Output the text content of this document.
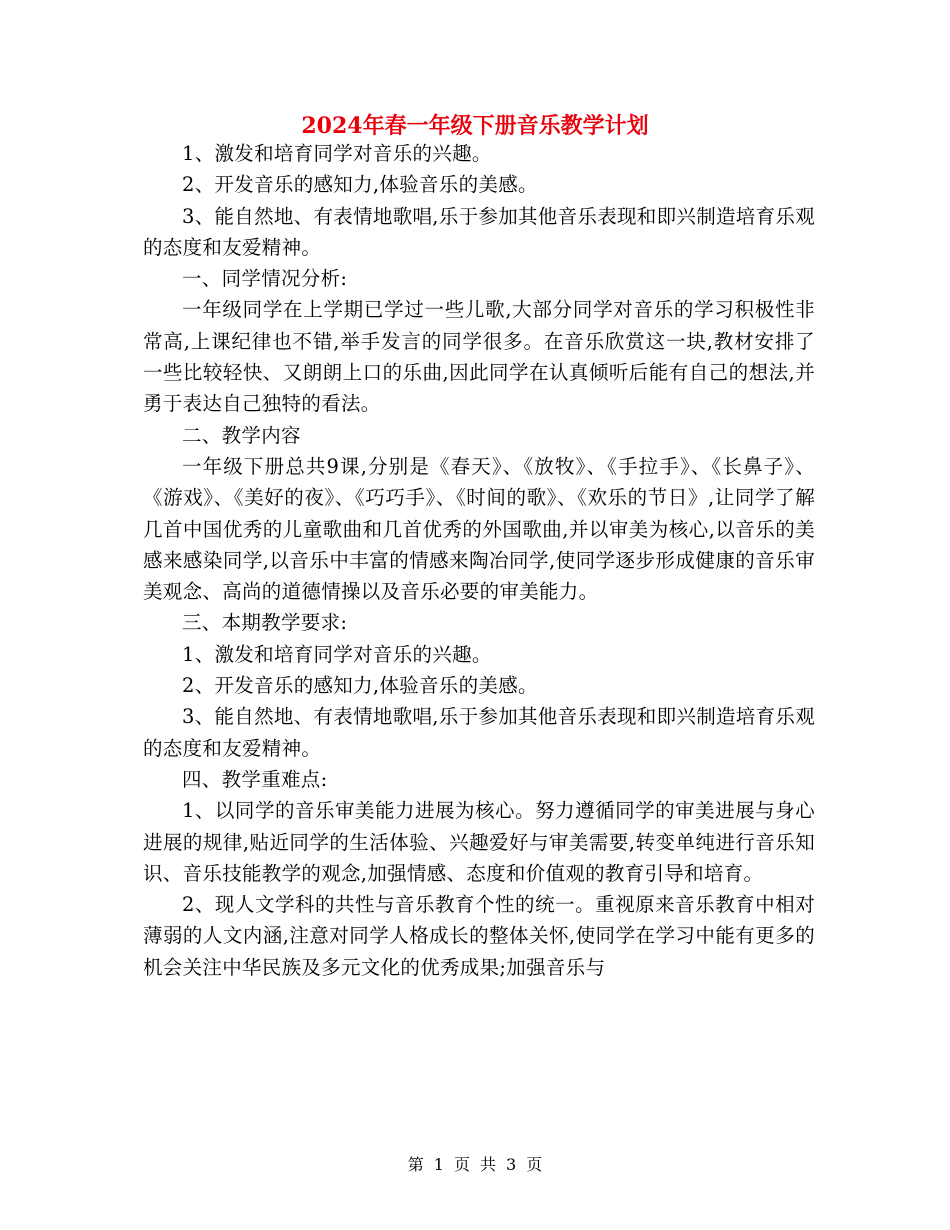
2024年春一年级下册音乐教学计划

1、激发和培育同学对音乐的兴趣。

2、开发音乐的感知力,体验音乐的美感。

3、能自然地、有表情地歌唱,乐于参加其他音乐表现和即兴制造培育乐观的态度和友爱精神。

一、同学情况分析:

一年级同学在上学期已学过一些儿歌,大部分同学对音乐的学习积极性非常高,上课纪律也不错,举手发言的同学很多。在音乐欣赏这一块,教材安排了一些比较轻快、又朗朗上口的乐曲,因此同学在认真倾听后能有自己的想法,并勇于表达自己独特的看法。

二、教学内容

一年级下册总共9课,分别是《春天》、《放牧》、《手拉手》、《长鼻子》、《游戏》、《美好的夜》、《巧巧手》、《时间的歌》、《欢乐的节日》,让同学了解几首中国优秀的儿童歌曲和几首优秀的外国歌曲,并以审美为核心,以音乐的美感来感染同学,以音乐中丰富的情感来陶冶同学,使同学逐步形成健康的音乐审美观念、高尚的道德情操以及音乐必要的审美能力。

三、本期教学要求:

1、激发和培育同学对音乐的兴趣。

2、开发音乐的感知力,体验音乐的美感。

3、能自然地、有表情地歌唱,乐于参加其他音乐表现和即兴制造培育乐观的态度和友爱精神。

四、教学重难点:

1、以同学的音乐审美能力进展为核心。努力遵循同学的审美进展与身心进展的规律,贴近同学的生活体验、兴趣爱好与审美需要,转变单纯进行音乐知识、音乐技能教学的观念,加强情感、态度和价值观的教育引导和培育。

2、现人文学科的共性与音乐教育个性的统一。重视原来音乐教育中相对薄弱的人文内涵,注意对同学人格成长的整体关怀,使同学在学习中能有更多的机会关注中华民族及多元文化的优秀成果;加强音乐与

第 1 页 共 3 页
